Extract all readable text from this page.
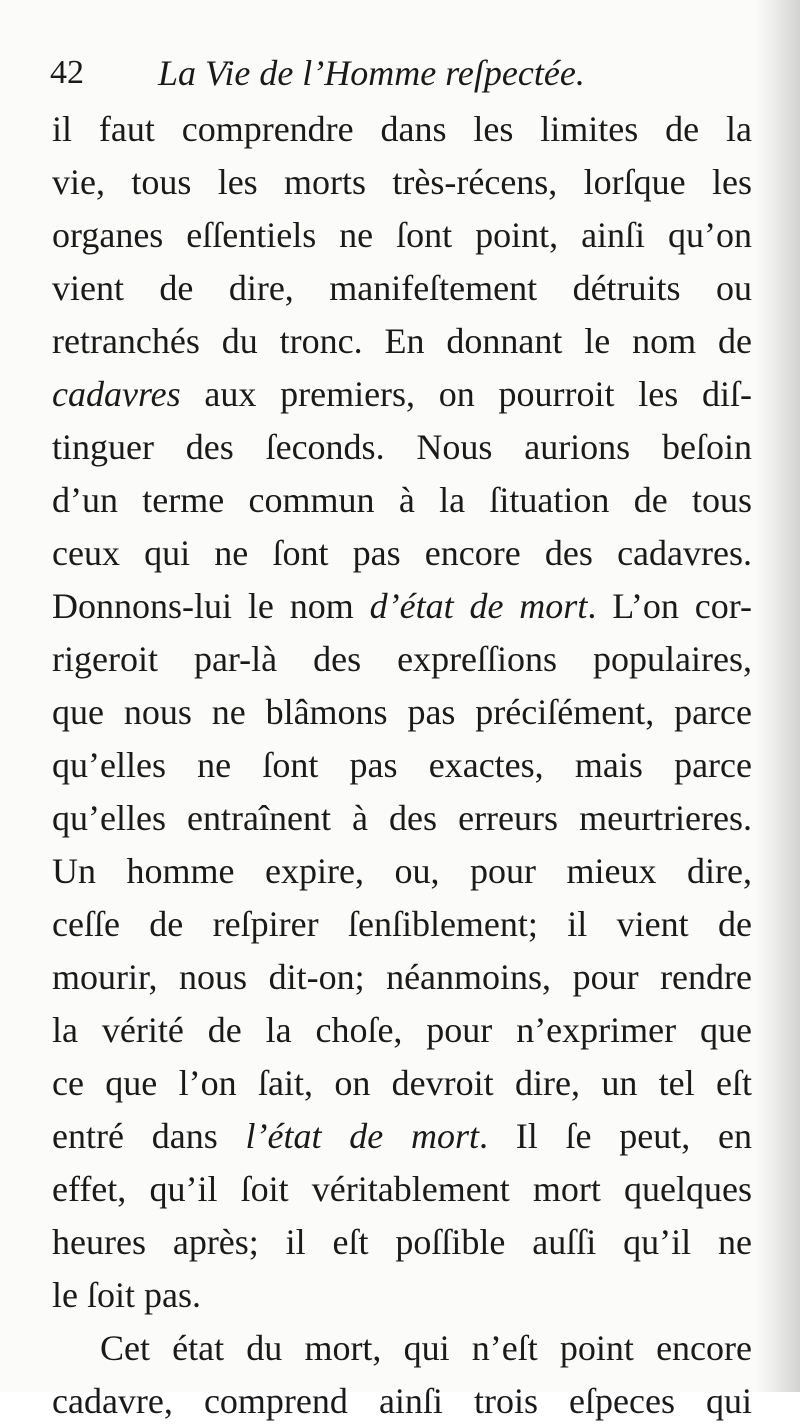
42 La Vie de l’Homme reſpectée.
il faut comprendre dans les limites de la
vie, tous les morts très-récens, lorſque les
organes eſſentiels ne ſont point, ainſi qu’on
vient de dire, manifeſtement détruits ou
retranchés du tronc. En donnant le nom de
cadavres aux premiers, on pourroit les diſ-
tinguer des ſeconds. Nous aurions beſoin
d’un terme commun à la ſituation de tous
ceux qui ne ſont pas encore des cadavres.
Donnons-lui le nom d’état de mort. L’on cor-
rigeroit par-là des expreſſions populaires,
que nous ne blâmons pas préciſément, parce
qu’elles ne ſont pas exactes, mais parce
qu’elles entraînent à des erreurs meurtrieres.
Un homme expire, ou, pour mieux dire,
ceſſe de reſpirer ſenſiblement; il vient de
mourir, nous dit-on; néanmoins, pour rendre
la vérité de la choſe, pour n’exprimer que
ce que l’on ſait, on devroit dire, un tel eſt
entré dans l’état de mort. Il ſe peut, en
effet, qu’il ſoit véritablement mort quelques
heures après; il eſt poſſible auſſi qu’il ne
le ſoit pas.
Cet état du mort, qui n’eſt point encore
cadavre, comprend ainſi trois eſpeces qui
